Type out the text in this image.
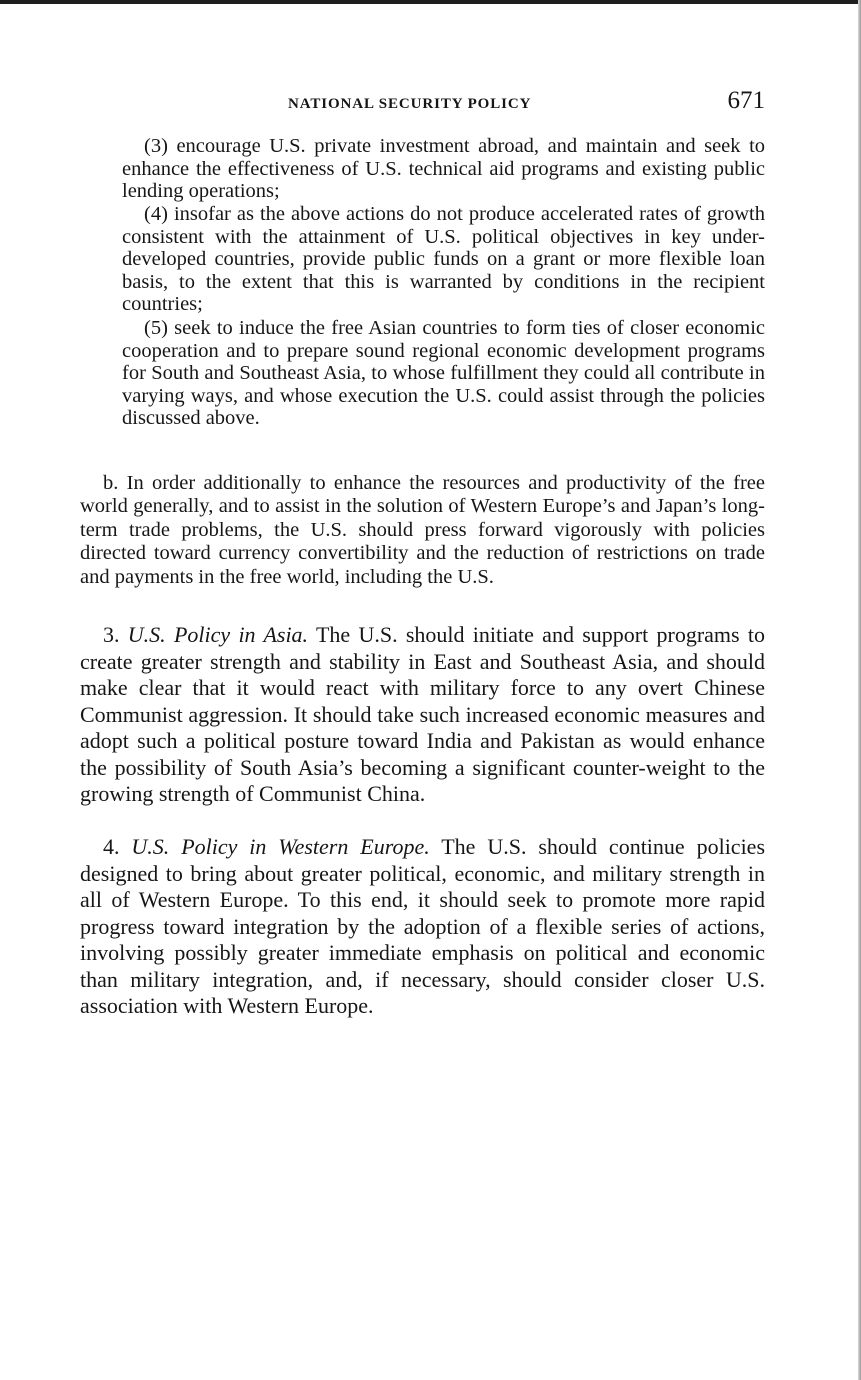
NATIONAL SECURITY POLICY	671

(3) encourage U.S. private investment abroad, and maintain and seek to enhance the effectiveness of U.S. technical aid programs and existing public lending operations;

(4) insofar as the above actions do not produce accelerated rates of growth consistent with the attainment of U.S. political objectives in key under-developed countries, provide public funds on a grant or more flexible loan basis, to the extent that this is warranted by conditions in the recipient countries;

(5) seek to induce the free Asian countries to form ties of closer economic cooperation and to prepare sound regional economic development programs for South and Southeast Asia, to whose fulfillment they could all contribute in varying ways, and whose execution the U.S. could assist through the policies discussed above.

b. In order additionally to enhance the resources and productivity of the free world generally, and to assist in the solution of Western Europe’s and Japan’s long-term trade problems, the U.S. should press forward vigorously with policies directed toward currency convertibility and the reduction of restrictions on trade and payments in the free world, including the U.S.

3. U.S. Policy in Asia. The U.S. should initiate and support programs to create greater strength and stability in East and Southeast Asia, and should make clear that it would react with military force to any overt Chinese Communist aggression. It should take such increased economic measures and adopt such a political posture toward India and Pakistan as would enhance the possibility of South Asia’s becoming a significant counter-weight to the growing strength of Communist China.

4. U.S. Policy in Western Europe. The U.S. should continue policies designed to bring about greater political, economic, and military strength in all of Western Europe. To this end, it should seek to promote more rapid progress toward integration by the adoption of a flexible series of actions, involving possibly greater immediate emphasis on political and economic than military integration, and, if necessary, should consider closer U.S. association with Western Europe.
